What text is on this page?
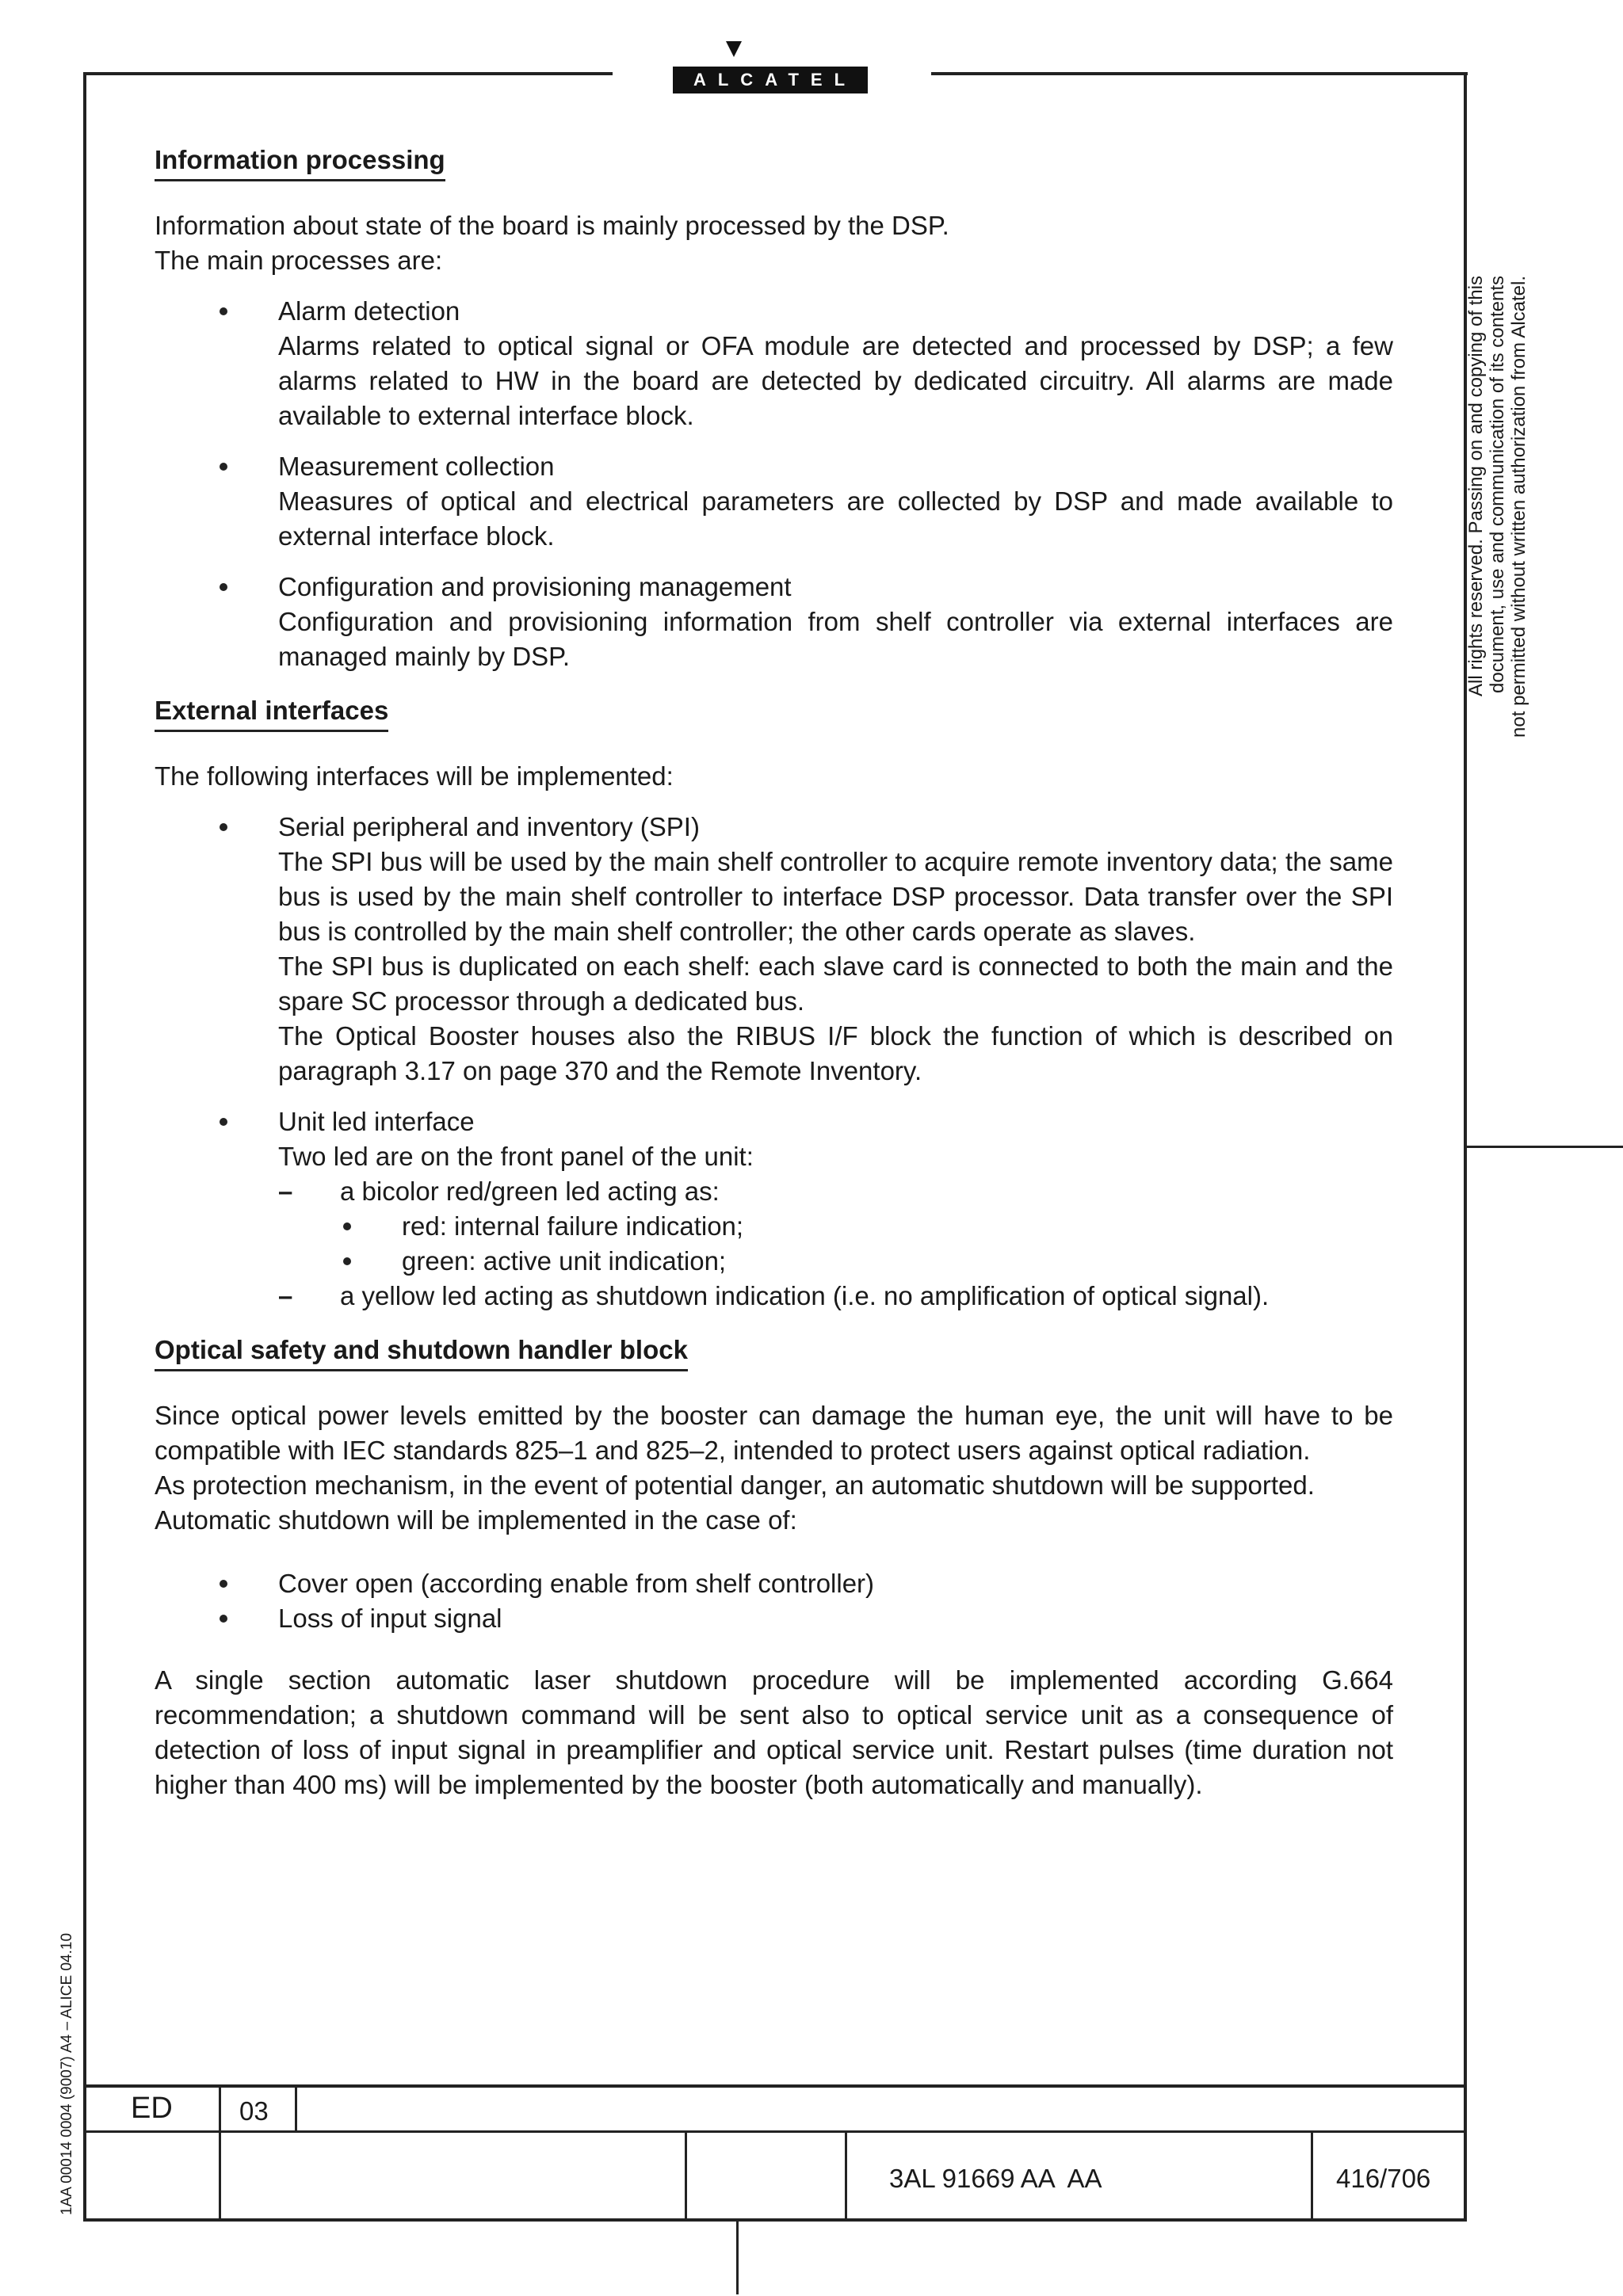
ALCATEL
Information processing

Information about state of the board is mainly processed by the DSP.

The main processes are:

Alarm detection
Alarms related to optical signal or OFA module are detected and processed by DSP; a few alarms related to HW in the board are detected by dedicated circuitry. All alarms are made available to external interface block.
Measurement collection
Measures of optical and electrical parameters are collected by DSP and made available to external interface block.
Configuration and provisioning management
Configuration and provisioning information from shelf controller via external interfaces are managed mainly by DSP.
External interfaces

The following interfaces will be implemented:

Serial peripheral and inventory (SPI)
The SPI bus will be used by the main shelf controller to acquire remote inventory data; the same bus is used by the main shelf controller to interface DSP processor. Data transfer over the SPI bus is controlled by the main shelf controller; the other cards operate as slaves.
The SPI bus is duplicated on each shelf: each slave card is connected to both the main and the spare SC processor through a dedicated bus.
The Optical Booster houses also the RIBUS I/F block the function of which is described on paragraph 3.17 on page 370 and the Remote Inventory.
Unit led interface
Two led are on the front panel of the unit:
– a bicolor red/green led acting as:
red: internal failure indication;
green: active unit indication;
– a yellow led acting as shutdown indication (i.e. no amplification of optical signal).
Optical safety and shutdown handler block

Since optical power levels emitted by the booster can damage the human eye, the unit will have to be compatible with IEC standards 825–1 and 825–2, intended to protect users against optical radiation.

As protection mechanism, in the event of potential danger, an automatic shutdown will be supported.

Automatic shutdown will be implemented in the case of:

Cover open (according enable from shelf controller)
Loss of input signal

A single section automatic laser shutdown procedure will be implemented according G.664 recommendation; a shutdown command will be sent also to optical service unit as a consequence of detection of loss of input signal in preamplifier and optical service unit. Restart pulses (time duration not higher than 400 ms) will be implemented by the booster (both automatically and manually).

All rights reserved. Passing on and copying of this document, use and communication of its contents not permitted without written authorization from Alcatel.
1AA 00014 0004 (9007) A4 – ALICE 04.10 ED	03
3AL 91669 AA  AA	416/706
